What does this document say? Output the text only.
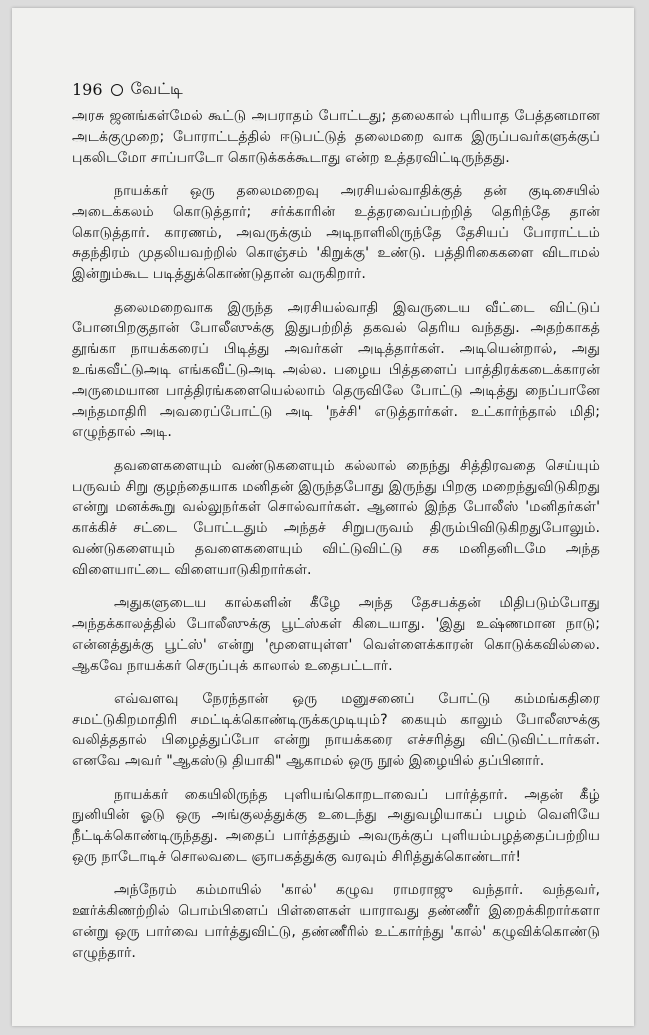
196 வேட்டி

அரசு ஜனங்கள்மேல் கூட்டு அபராதம் போட்டது; தலைகால் புரியாத பேத்தனமான அடக்குமுறை; போராட்டத்தில் ஈடுபட்டுத் தலைமறை வாக இருப்பவர்களுக்குப் புகலிடமோ சாப்பாடோ கொடுக்கக்கூடாது என்ற உத்தரவிட்டிருந்தது.

நாயக்கர் ஒரு தலைமறைவு அரசியல்வாதிக்குத் தன் குடிசையில் அடைக்கலம் கொடுத்தார்; சர்க்காரின் உத்தரவைப்பற்றித் தெரிந்தே தான் கொடுத்தார். காரணம், அவருக்கும் அடிநாளிலிருந்தே தேசியப் போராட்டம் சுதந்திரம் முதலியவற்றில் கொஞ்சம் 'கிறுக்கு' உண்டு. பத்திரிகைகளை விடாமல் இன்றும்கூட படித்துக்கொண்டுதான் வருகிறார்.

தலைமறைவாக இருந்த அரசியல்வாதி இவருடைய வீட்டை விட்டுப் போனபிறகுதான் போலீஸுக்கு இதுபற்றித் தகவல் தெரிய வந்தது. அதற்காகத் தூங்கா நாயக்கரைப் பிடித்து அவர்கள் அடித்தார்கள். அடியென்றால், அது உங்கவீட்டுஅடி எங்கவீட்டுஅடி அல்ல. பழைய பித்தளைப் பாத்திரக்கடைக்காரன் அருமையான பாத்திரங்களையெல்லாம் தெருவிலே போட்டு அடித்து நைப்பானே அந்தமாதிரி அவரைப்போட்டு அடி 'நச்சி' எடுத்தார்கள். உட்கார்ந்தால் மிதி; எழுந்தால் அடி.

தவளைகளையும் வண்டுகளையும் கல்லால் நைந்து சித்திரவதை செய்யும் பருவம் சிறு குழந்தையாக மனிதன் இருந்தபோது இருந்து பிறகு மறைந்துவிடுகிறது என்று மனக்கூறு வல்லுநர்கள் சொல்வார்கள். ஆனால் இந்த போலீஸ் 'மனிதர்கள்' காக்கிச் சட்டை போட்டதும் அந்தச் சிறுபருவம் திரும்பிவிடுகிறதுபோலும். வண்டுகளையும் தவளைகளையும் விட்டுவிட்டு சக மனிதனிடமே அந்த விளையாட்டை விளையாடுகிறார்கள்.

அதுகளுடைய கால்களின் கீழே அந்த தேசபக்தன் மிதிபடும்போது அந்தக்காலத்தில் போலீஸுக்கு பூட்ஸ்கள் கிடையாது. 'இது உஷ்ணமான நாடு; என்னத்துக்கு பூட்ஸ்' என்று 'மூளையுள்ள' வெள்ளைக்காரன் கொடுக்கவில்லை. ஆகவே நாயக்கர் செருப்புக் காலால் உதைபட்டார்.

எவ்வளவு நேரந்தான் ஒரு மனுசனைப் போட்டு கம்மங்கதிரை சமட்டுகிறமாதிரி சமட்டிக்கொண்டிருக்கமுடியும்? கையும் காலும் போலீஸுக்கு வலித்ததால் பிழைத்துப்போ என்று நாயக்கரை எச்சரித்து விட்டுவிட்டார்கள். எனவே அவர் "ஆகஸ்டு தியாகி" ஆகாமல் ஒரு நூல் இழையில் தப்பினார்.

நாயக்கர் கையிலிருந்த புளியங்கொறடாவைப் பார்த்தார். அதன் கீழ் நுனியின் ஓடு ஒரு அங்குலத்துக்கு உடைந்து அதுவழியாகப் பழம் வெளியே நீட்டிக்கொண்டிருந்தது. அதைப் பார்த்ததும் அவருக்குப் புளியம்பழத்தைப்பற்றிய ஒரு நாடோடிச் சொலவடை ஞாபகத்துக்கு வரவும் சிரித்துக்கொண்டார்!

அந்நேரம் கம்மாயில் 'கால்' கழுவ ராமராஜு வந்தார். வந்தவர், ஊர்க்கிணற்றில் பொம்பிளைப் பிள்ளைகள் யாராவது தண்ணீர் இறைக்கிறார்களா என்று ஒரு பார்வை பார்த்துவிட்டு, தண்ணீரில் உட்கார்ந்து 'கால்' கழுவிக்கொண்டு எழுந்தார்.
